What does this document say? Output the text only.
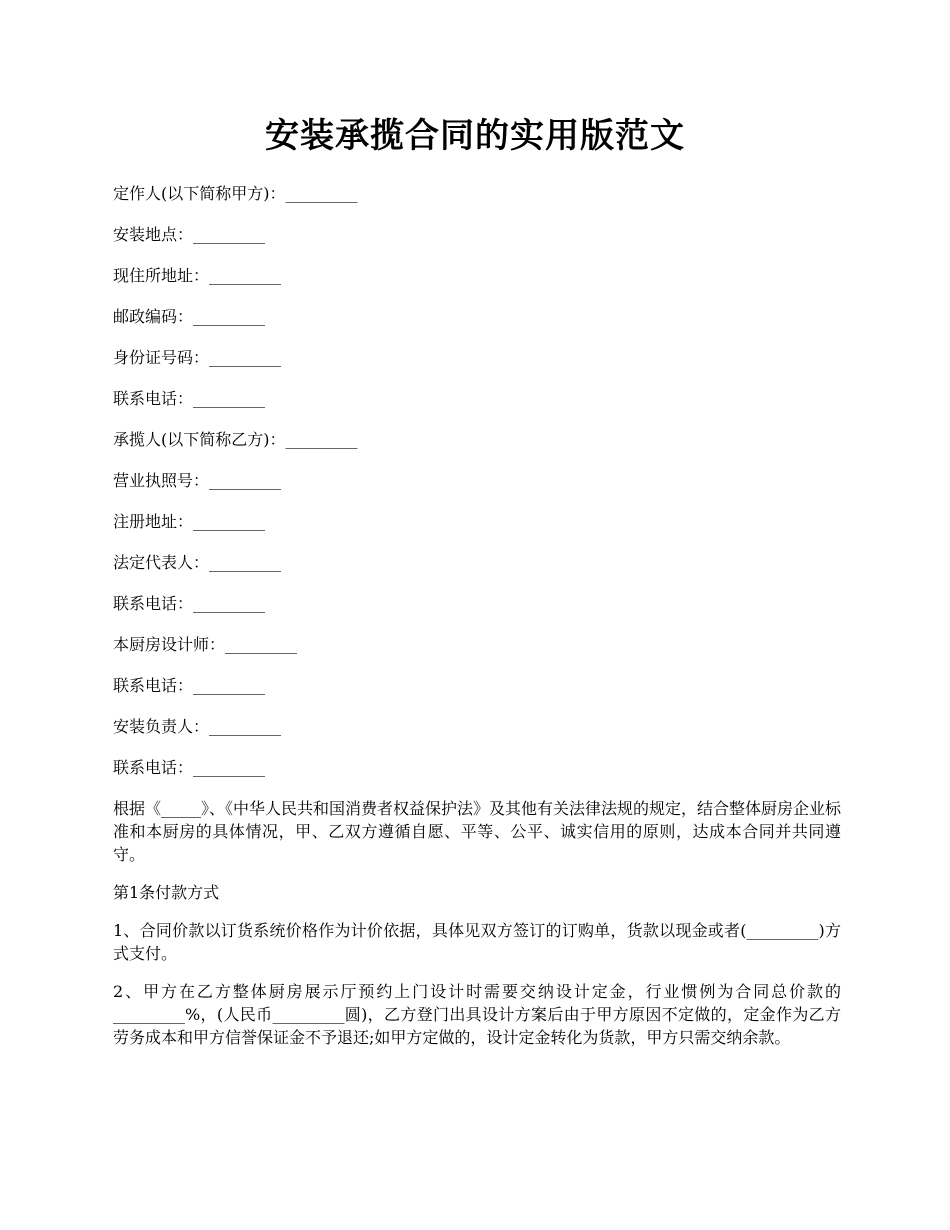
安装承揽合同的实用版范文
定作人(以下简称甲方)：_________
安装地点：_________
现住所地址：_________
邮政编码：_________
身份证号码：_________
联系电话：_________
承揽人(以下简称乙方)：_________
营业执照号：_________
注册地址：_________
法定代表人：_________
联系电话：_________
本厨房设计师：_________
联系电话：_________
安装负责人：_________
联系电话：_________

根据《_____》、《中华人民共和国消费者权益保护法》及其他有关法律法规的规定，结合整体厨房企业标准和本厨房的具体情况，甲、乙双方遵循自愿、平等、公平、诚实信用的原则，达成本合同并共同遵守。

第1条付款方式

1、合同价款以订货系统价格作为计价依据，具体见双方签订的订购单，货款以现金或者(_________)方式支付。

2、甲方在乙方整体厨房展示厅预约上门设计时需要交纳设计定金，行业惯例为合同总价款的_________%，(人民币_________圆)，乙方登门出具设计方案后由于甲方原因不定做的，定金作为乙方劳务成本和甲方信誉保证金不予退还;如甲方定做的，设计定金转化为货款，甲方只需交纳余款。
